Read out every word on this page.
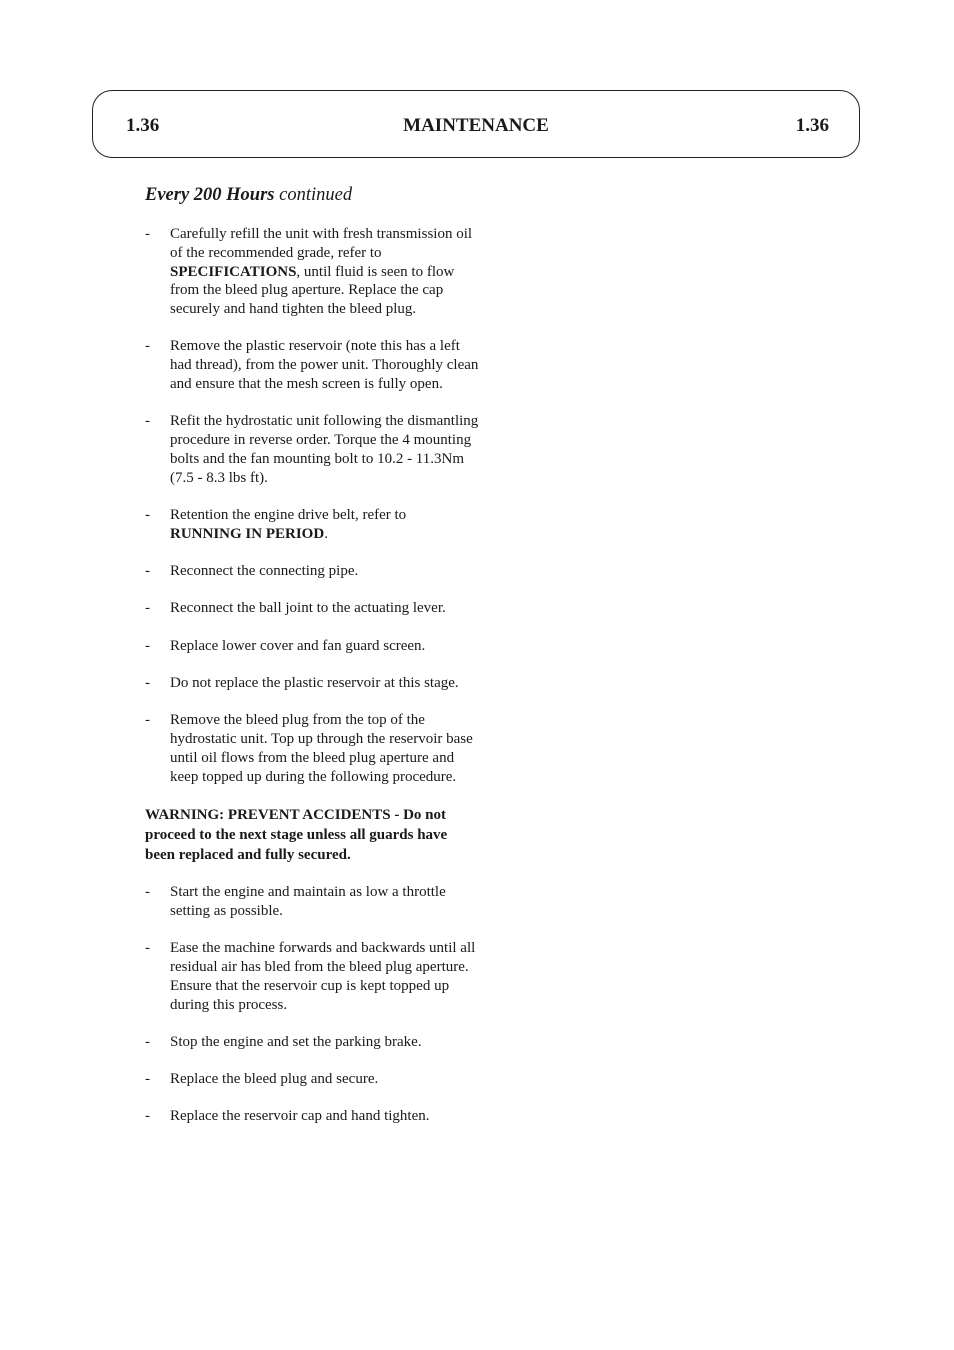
1.36	MAINTENANCE	1.36
Every 200 Hours continued
- Carefully refill the unit with fresh transmission oil of the recommended grade, refer to SPECIFICATIONS, until fluid is seen to flow from the bleed plug aperture. Replace the cap securely and hand tighten the bleed plug.
- Remove the plastic reservoir (note this has a left had thread), from the power unit. Thoroughly clean and ensure that the mesh screen is fully open.
- Refit the hydrostatic unit following the dismantling procedure in reverse order. Torque the 4 mounting bolts and the fan mounting bolt to 10.2 - 11.3Nm (7.5 - 8.3 lbs ft).
- Retention the engine drive belt, refer to RUNNING IN PERIOD.
- Reconnect the connecting pipe.
- Reconnect the ball joint to the actuating lever.
- Replace lower cover and fan guard screen.
- Do not replace the plastic reservoir at this stage.
- Remove the bleed plug from the top of the hydrostatic unit. Top up through the reservoir base until oil flows from the bleed plug aperture and keep topped up during the following procedure.
WARNING: PREVENT ACCIDENTS - Do not proceed to the next stage unless all guards have been replaced and fully secured.
- Start the engine and maintain as low a throttle setting as possible.
- Ease the machine forwards and backwards until all residual air has bled from the bleed plug aperture. Ensure that the reservoir cup is kept topped up during this process.
- Stop the engine and set the parking brake.
- Replace the bleed plug and secure.
- Replace the reservoir cap and hand tighten.
